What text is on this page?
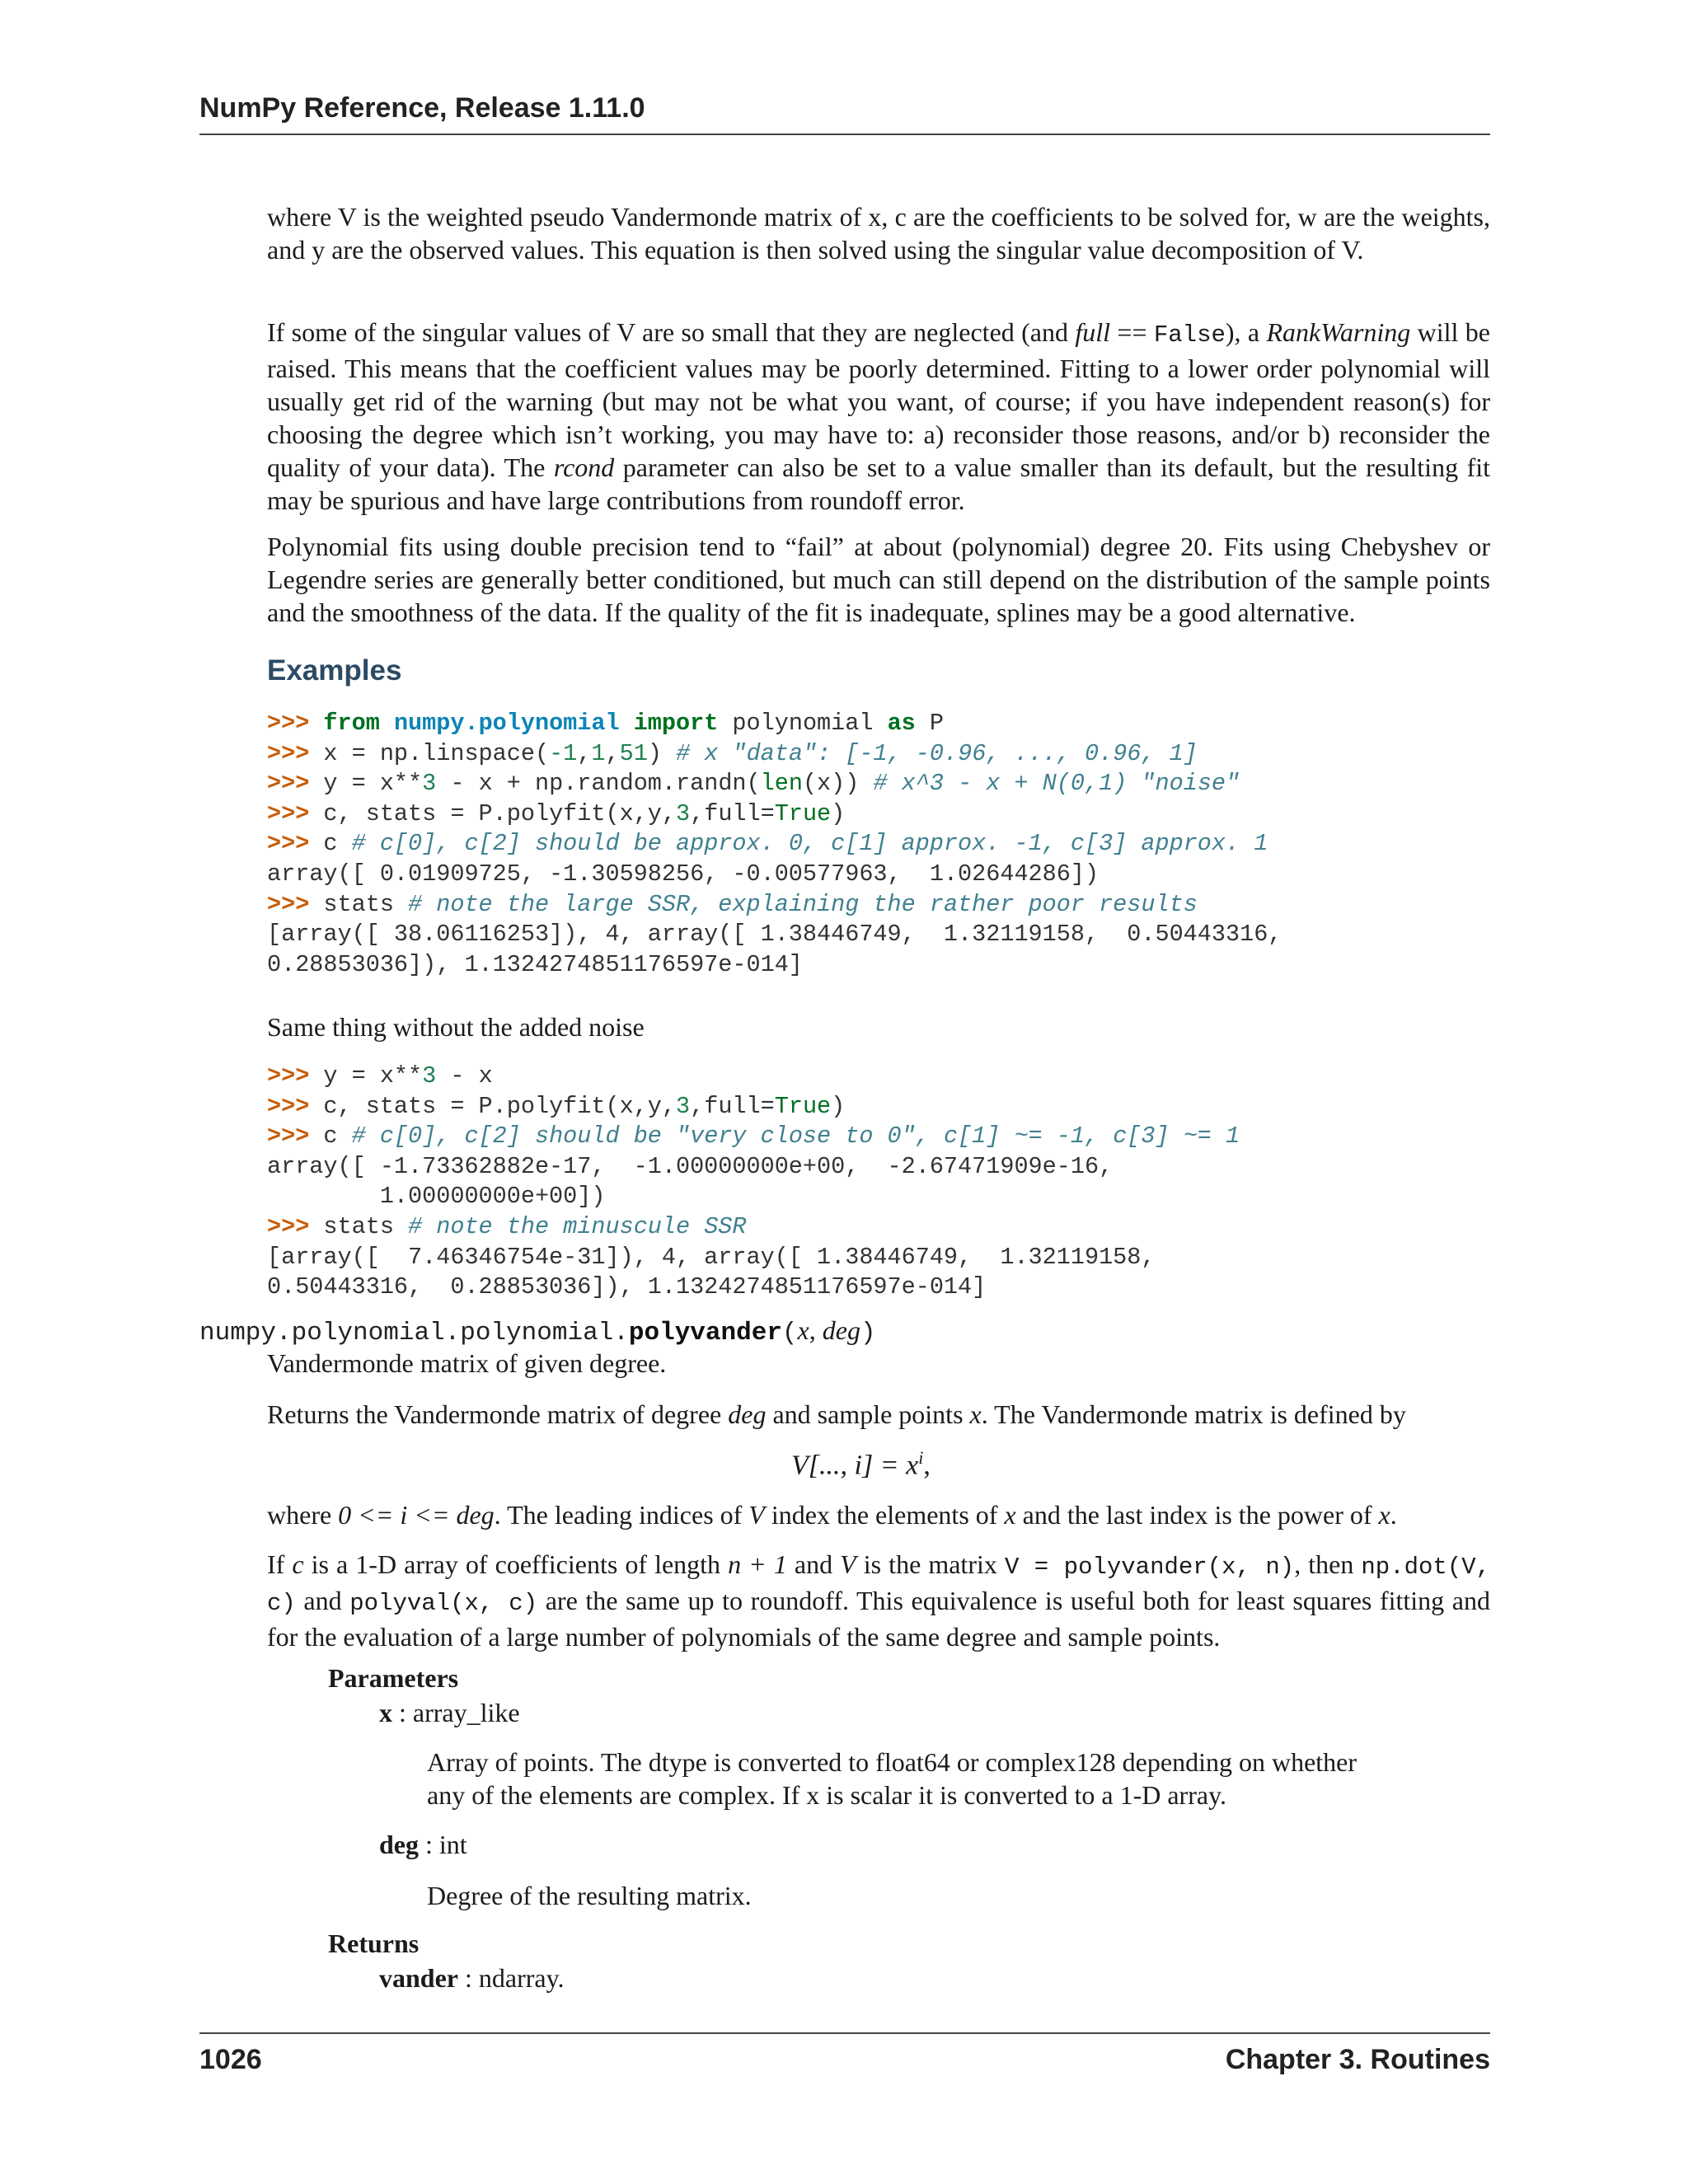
NumPy Reference, Release 1.11.0

where V is the weighted pseudo Vandermonde matrix of x, c are the coefficients to be solved for, w are the weights, and y are the observed values. This equation is then solved using the singular value decomposition of V.

If some of the singular values of V are so small that they are neglected (and full == False), a RankWarning will be raised. This means that the coefficient values may be poorly determined. Fitting to a lower order polynomial will usually get rid of the warning (but may not be what you want, of course; if you have independent reason(s) for choosing the degree which isn’t working, you may have to: a) reconsider those reasons, and/or b) reconsider the quality of your data). The rcond parameter can also be set to a value smaller than its default, but the resulting fit may be spurious and have large contributions from roundoff error.

Polynomial fits using double precision tend to “fail” at about (polynomial) degree 20. Fits using Chebyshev or Legendre series are generally better conditioned, but much can still depend on the distribution of the sample points and the smoothness of the data. If the quality of the fit is inadequate, splines may be a good alternative.

Examples
>>> from numpy.polynomial import polynomial as P
>>> x = np.linspace(-1,1,51) # x "data": [-1, -0.96, ..., 0.96, 1]
>>> y = x**3 - x + np.random.randn(len(x)) # x^3 - x + N(0,1) "noise"
>>> c, stats = P.polyfit(x,y,3,full=True)
>>> c # c[0], c[2] should be approx. 0, c[1] approx. -1, c[3] approx. 1
array([ 0.01909725, -1.30598256, -0.00577963,  1.02644286])
>>> stats # note the large SSR, explaining the rather poor results
[array([ 38.06116253]), 4, array([ 1.38446749,  1.32119158,  0.50443316,
0.28853036]), 1.1324274851176597e-014]

Same thing without the added noise

>>> y = x**3 - x
>>> c, stats = P.polyfit(x,y,3,full=True)
>>> c # c[0], c[2] should be "very close to 0", c[1] ~= -1, c[3] ~= 1
array([ -1.73362882e-17,  -1.00000000e+00,  -2.67471909e-16,
1.00000000e+00])
>>> stats # note the minuscule SSR
[array([  7.46346754e-31]), 4, array([ 1.38446749,  1.32119158,
0.50443316,  0.28853036]), 1.1324274851176597e-014]
numpy.polynomial.polynomial.polyvander(x, deg)

Vandermonde matrix of given degree.

Returns the Vandermonde matrix of degree deg and sample points x. The Vandermonde matrix is defined by

V[..., $i] = x^i$,

where 0 <= i <= deg. The leading indices of V index the elements of x and the last index is the power of x.

If c is a 1-D array of coefficients of length n + 1 and V is the matrix V = polyvander(x, n), then np.dot(V, c) and polyval(x, c) are the same up to roundoff. This equivalence is useful both for least squares fitting and for the evaluation of a large number of polynomials of the same degree and sample points.

Parameters
x : array_like

Array of points. The dtype is converted to float64 or complex128 depending on whether any of the elements are complex. If x is scalar it is converted to a 1-D array.

deg : int

Degree of the resulting matrix.

Returns
vander : ndarray.
1026	Chapter 3. Routines
